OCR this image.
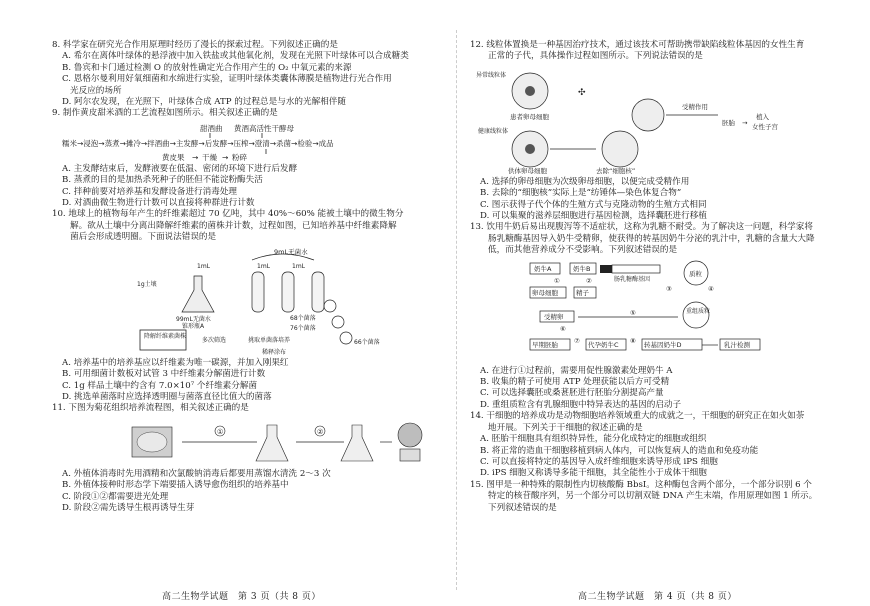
8. 科学家在研究光合作用原理时经历了漫长的探索过程。下列叙述正确的是

A. 希尔在离体叶绿体的悬浮液中加入铁盐或其他氧化剂，发现在光照下叶绿体可以合成糖类

B. 鲁宾和卡门通过检测 O 的放射性确定光合作用产生的 O₂ 中氧元素的来源

C. 恩格尔曼利用好氧细菌和水绵进行实验，证明叶绿体类囊体薄膜是植物进行光合作用

光反应的场所

D. 阿尔农发现，在光照下，叶绿体合成 ATP 的过程总是与水的光解相伴随

9. 制作黄皮甜米酒的工艺流程如图所示。相关叙述正确的是

甜酒曲 黄酒高活性干酵母
糯米→浸泡→蒸煮→摊冷→拌酒曲→主发酵→后发酵→压榨→澄清→杀菌→检验→成品
黄皮果 → 干燥 → 粉碎

A. 主发酵结束后，发酵液要在低温、密闭的环境下进行后发酵

B. 蒸煮的目的是加热杀死种子的胚但不能淀粉酶失活

C. 拌种前要对培养基和发酵设备进行消毒处理

D. 对酒曲微生物进行计数可以直接将种群进行计数

10. 地球上的植物每年产生的纤维素超过 70 亿吨，其中 40%～60% 能被土壤中的微生物分

解。欲从土壤中分离出降解纤维素的菌株并计数，过程如图，已知培养基中纤维素降解

菌后会形成透明圈。下面说法错误的是

9mL无菌水
1mL	1mL	1mL
1g土壤
99mL无菌水
锥形瓶A
68个菌落
76个菌落
66个菌落
降解纤维素菌株
多次筛选	挑取单菌落培养
稀释涂布

A. 培养基中的培养基应以纤维素为唯一碳源，并加入刚果红

B. 可用细菌计数板对试管 3 中纤维素分解菌进行计数

C. 1g 样品土壤中约含有 7.0×10⁷ 个纤维素分解菌

D. 挑选单菌落时应选择透明圈与菌落直径比值大的菌落

11. 下图为菊花组织培养流程图，相关叙述正确的是

①	②

A. 外植体消毒时先用酒精和次氯酸钠消毒后都要用蒸馏水清洗 2～3 次

B. 外植体接种时形态学下端要插入诱导愈伤组织的培养基中

C. 阶段①②都需要进光处理

D. 阶段②需先诱导生根再诱导生芽

12. 线粒体置换是一种基因治疗技术，通过该技术可帮助携带缺陷线粒体基因的女性生育

正常的子代，具体操作过程如图所示。下列说法错误的是

异常线粒体
患者卵母细胞
✣
健康线粒体
供体卵母细胞	去除“细胞核”
受精作用
胚胎 →
植入
女性子宫

A. 选择的卵母细胞为次级卵母细胞，以便完成受精作用

B. 去除的“细胞核”实际上是“纺锤体—染色体复合物”

C. 图示获得子代个体的生殖方式与克隆动物的生殖方式相同

D. 可以集聚的滋养层细胞进行基因检测，选择囊胚进行移植

13. 饮用牛奶后易出现腹泻等不适症状，这称为乳糖不耐受。为了解决这一问题，科学家将

肠乳糖酶基因导入奶牛受精卵，使获得的转基因奶牛分泌的乳汁中，乳糖的含量大大降

低，而其他营养成分不受影响。下列叙述错误的是

奶牛A	奶牛B
肠乳糖酶基因
质粒
卵母细胞	精子
①	②
④
③
受精卵	⑤	重组质粒
⑥
早期胚胎 ⑦ 代孕奶牛C ⑧ 转基因奶牛D	乳汁检测

A. 在进行①过程前，需要用促性腺激素处理奶牛 A

B. 收集的精子可使用 ATP 处理获能以后方可受精

C. 可以选择囊胚或桑葚胚进行胚胎分割提高产量

D. 重组质粒含有乳腺细胞中特异表达的基因的启动子

14. 干细胞的培养成功是动物细胞培养领域重大的成就之一，干细胞的研究正在如火如荼

地开展。下列关于干细胞的叙述正确的是

A. 胚胎干细胞具有组织特异性，能分化成特定的细胞或组织

B. 将正常的造血干细胞移植到病人体内，可以恢复病人的造血和免疫功能

C. 可以直接将特定的基因导入成纤维细胞来诱导形成 iPS 细胞

D. iPS 细胞又称诱导多能干细胞，其全能性小于成体干细胞

15. 图甲是一种特殊的限制性内切核酸酶 BbsⅠ。这种酶包含两个部分，一个部分识别 6 个

特定的核苷酸序列，另一个部分可以切割双链 DNA 产生末端，作用原理如图 1 所示。

下列叙述错误的是

高二生物学试题　第 3 页（共 8 页）	高二生物学试题　第 4 页（共 8 页）
